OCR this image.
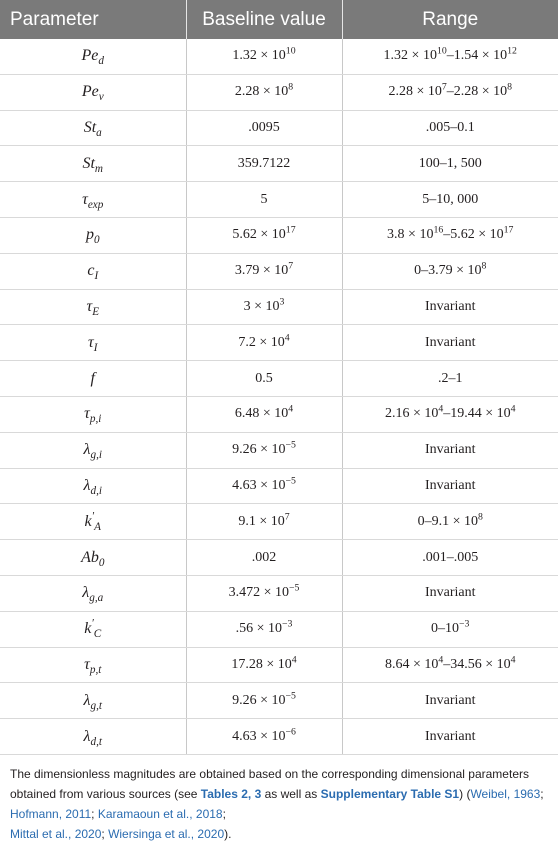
Parameter	Baseline value	Range
$Pe_d$	$1.32 \times 10^{10}$	$1.32 \times 10^{10}-1.54 \times 10^{12}$
$Pe_v$	$2.28 \times 10^8$	$2.28 \times 10^7-2.28 \times 10^8$
$St_a$	.0095	.005–0.1
$St_m$	359.7122	100–1, 500
$\tau_{exp}$	5	5–10, 000
$p_0$	$5.62 \times 10^{17}$	$3.8 \times 10^{16}-5.62 \times 10^{17}$
$c_I$	$3.79 \times 10^7$	$0-3.79 \times 10^8$
$\tau_E$	$3 \times 10^3$	Invariant
$\tau_I$	$7.2 \times 10^4$	Invariant
f	0.5	.2–1
$\tau_{p,i}$	$6.48 \times 10^4$	$2.16 \times 10^4-19.44 \times 10^4$
$\lambda_{g,i}$	$9.26 \times 10^{-5}$	Invariant
$\lambda_{d,i}$	$4.63 \times 10^{-5}$	Invariant
$k'_A$	$9.1 \times 10^7$	$0-9.1 \times 10^8$
$Ab_0$	.002	.001–.005
$\lambda_{g,a}$	$3.472 \times 10^{-5}$	Invariant
$k'_C$	$.56 \times 10^{-3}$	$0-10^{-3}$
$\tau_{p,t}$	$17.28 \times 10^4$	$8.64 \times 10^4-34.56 \times 10^4$
$\lambda_{g,t}$	$9.26 \times 10^{-5}$	Invariant
$\lambda_{d,t}$	$4.63 \times 10^{-6}$	Invariant
The dimensionless magnitudes are obtained based on the corresponding dimensional parameters obtained from various sources (see Tables 2, 3 as well as Supplementary Table S1) (Weibel, 1963; Hofmann, 2011; Karamaoun et al., 2018;
Mittal et al., 2020; Wiersinga et al., 2020).
